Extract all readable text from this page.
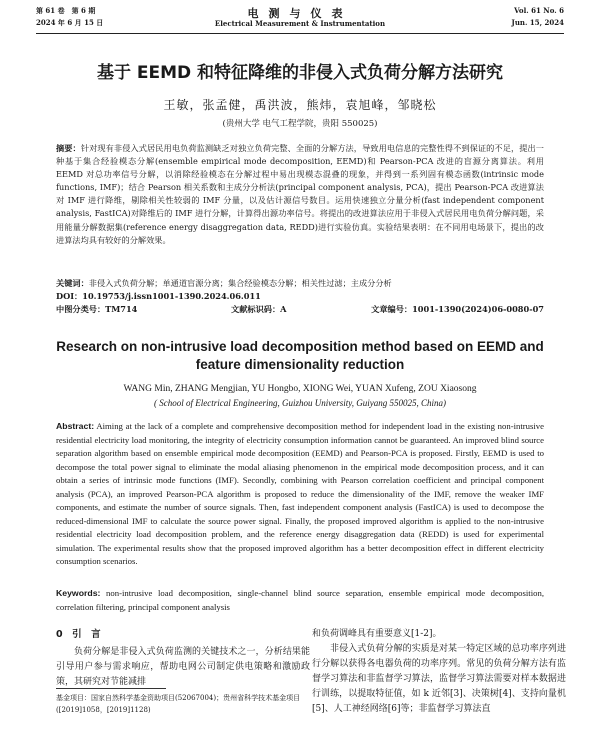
第 61 卷　第 6 期
2024 年 6 月 15 日
电测与仪表
Electrical Measurement & Instrumentation
Vol. 61 No. 6
Jun. 15, 2024
基于 EEMD 和特征降维的非侵入式负荷分解方法研究
王敏，张孟健，禹洪波，熊炜，袁旭峰，邹晓松
(贵州大学 电气工程学院，贵阳 550025)
摘要：针对现有非侵入式居民用电负荷监测缺乏对独立负荷完整、全面的分解方法，导致用电信息的完整性得不到保证的不足，提出一种基于集合经验模态分解(ensemble empirical mode decomposition, EEMD)和 Pearson-PCA 改进的盲源分离算法。利用 EEMD 对总功率信号分解，以消除经验模态在分解过程中易出现模态混叠的现象，并得到一系列固有模态函数(intrinsic mode functions, IMF)；结合 Pearson 相关系数和主成分分析法(principal component analysis, PCA)，提出 Pearson-PCA 改进算法对 IMF 进行降维，剔除相关性较弱的 IMF 分量，以及估计源信号数目。运用快速独立分量分析(fast independent component analysis, FastICA)对降维后的 IMF 进行分解，计算得出源功率信号。将提出的改进算法应用于非侵入式居民用电负荷分解问题，采用能量分解数据集(reference energy disaggregation data, REDD)进行实验仿真。实验结果表明：在不同用电场景下，提出的改进算法均具有较好的分解效果。
关键词：非侵入式负荷分解；单通道盲源分离；集合经验模态分解；相关性过滤；主成分分析
DOI：10.19753/j.issn1001-1390.2024.06.011
中图分类号：TM714	文献标识码：A	文章编号：1001-1390(2024)06-0080-07
Research on non-intrusive load decomposition method based on EEMD and feature dimensionality reduction
WANG Min, ZHANG Mengjian, YU Hongbo, XIONG Wei, YUAN Xufeng, ZOU Xiaosong
( School of Electrical Engineering, Guizhou University, Guiyang 550025, China)
Abstract: Aiming at the lack of a complete and comprehensive decomposition method for independent load in the existing non-intrusive residential electricity load monitoring, the integrity of electricity consumption information cannot be guaranteed. An improved blind source separation algorithm based on ensemble empirical mode decomposition (EEMD) and Pearson-PCA is proposed. Firstly, EEMD is used to decompose the total power signal to eliminate the modal aliasing phenomenon in the empirical mode decomposition process, and it can obtain a series of intrinsic mode functions (IMF). Secondly, combining with Pearson correlation coefficient and principal component analysis (PCA), an improved Pearson-PCA algorithm is proposed to reduce the dimensionality of the IMF, remove the weaker IMF components, and estimate the number of source signals. Then, fast independent component analysis (FastICA) is used to decompose the reduced-dimensional IMF to calculate the source power signal. Finally, the proposed improved algorithm is applied to the non-intrusive residential electricity load decomposition problem, and the reference energy disaggregation data (REDD) is used for experimental simulation. The experimental results show that the proposed improved algorithm has a better decomposition effect in different electricity consumption scenarios.
Keywords: non-intrusive load decomposition, single-channel blind source separation, ensemble empirical mode decomposition, correlation filtering, principal component analysis
0　引　言
负荷分解是非侵入式负荷监测的关键技术之一，分析结果能引导用户参与需求响应，帮助电网公司制定供电策略和激励政策，其研究对节能减排
基金项目：国家自然科学基金资助项目(52067004)；贵州省科学技术基金项目([2019]1058，[2019]1128)
和负荷调峰具有重要意义[1-2]。
非侵入式负荷分解的实质是对某一特定区域的总功率序列进行分解以获得各电器负荷的功率序列。常见的负荷分解方法有监督学习算法和非监督学习算法，监督学习算法需要对样本数据进行训练，以提取特征值，如 k 近邻[3]、决策树[4]、支持向量机[5]、人工神经网络[6]等；非监督学习算法直
